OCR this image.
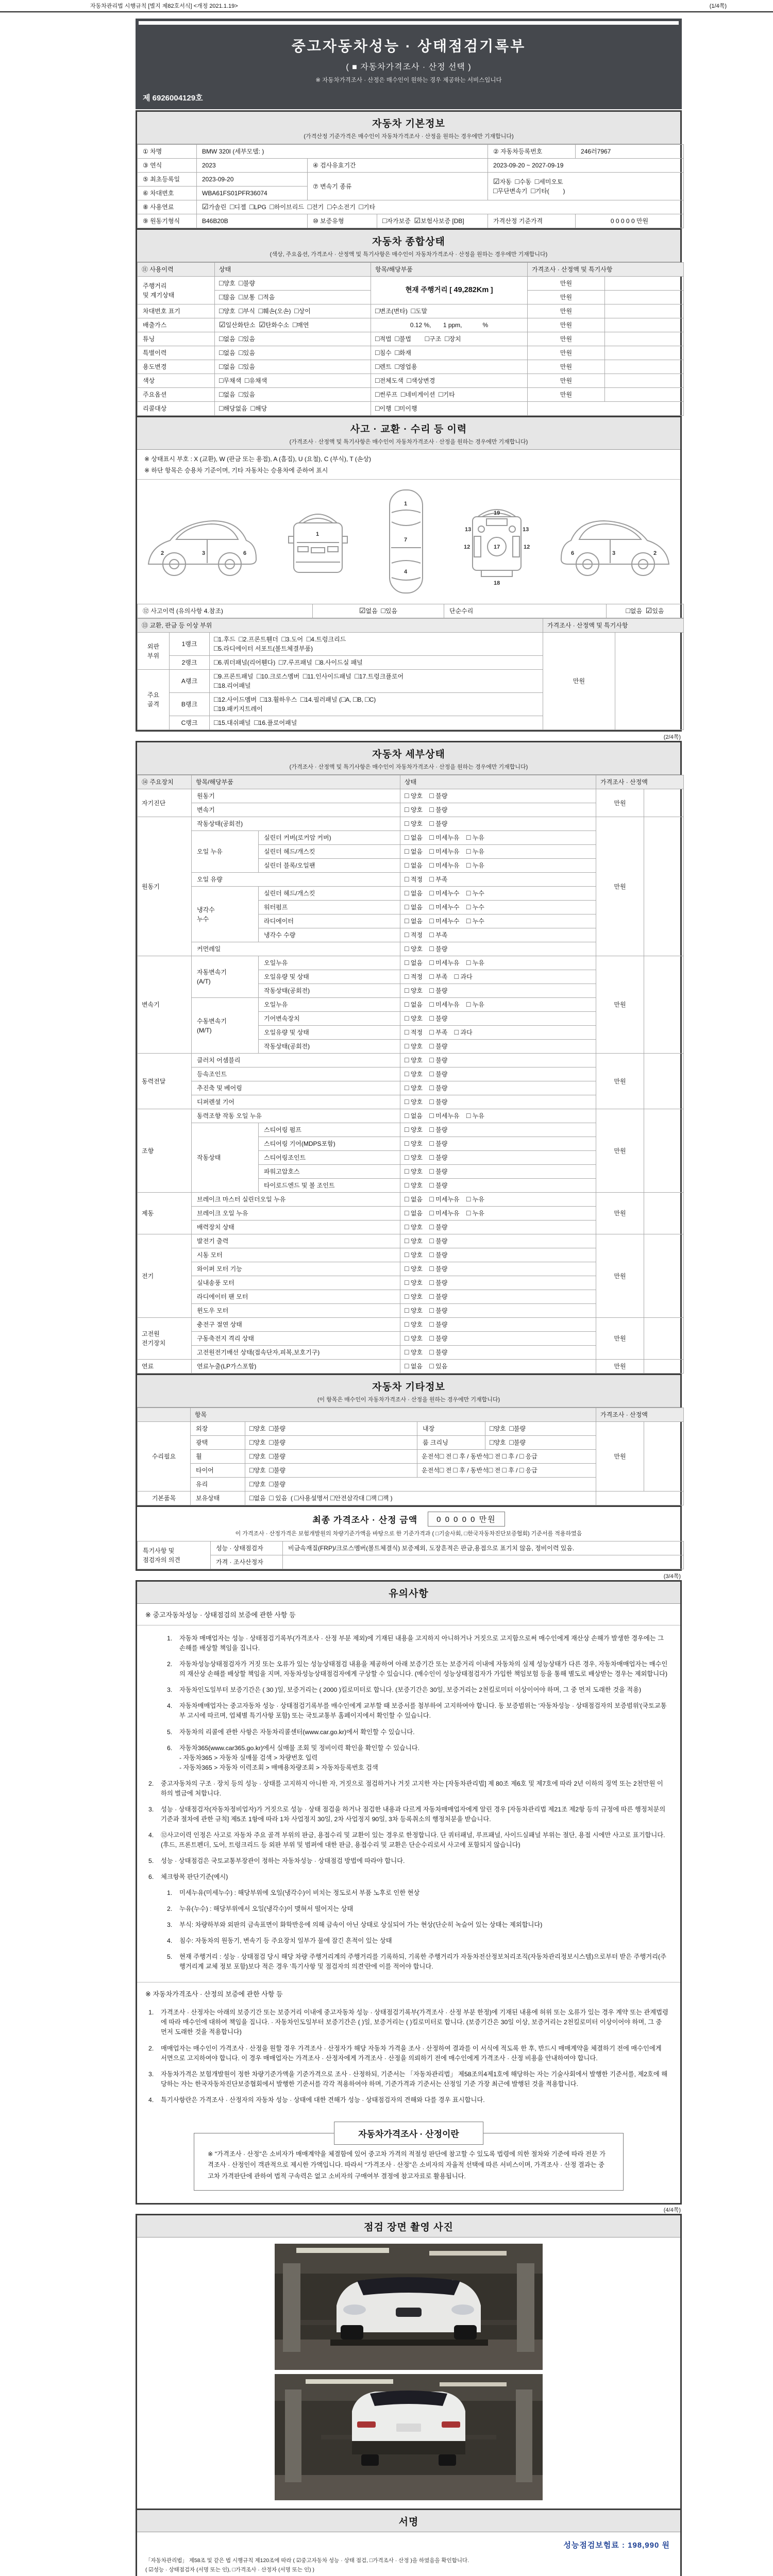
자동차관리법 시행규칙 [별지 제82호서식] <개정 2021.1.19>	(1/4쪽)
중고자동차성능 · 상태점검기록부
( ■ 자동차가격조사 · 산정 선택 )
※ 자동차가격조사 · 산정은 매수인이 원하는 경우 제공하는 서비스입니다
제 6926004129호
자동차 기본정보
(가격산정 기준가격은 매수인이 자동차가격조사 · 산정을 원하는 경우에만 기재합니다)
① 차명	BMW 320I (세부모델: )			② 자동차등록번호	246러7967
③ 연식	2023	④ 검사유효기간		2023-09-20 ~ 2027-09-19	
⑤ 최초등록일	2023-09-20	⑦ 변속기 종류		☑자동  □수동  □세미오토
□무단변속기  □기타(        )	
⑥ 차대번호	WBA61FS01PFR36074				
⑧ 사용연료	☑가솔린  □디젤  □LPG  □하이브리드  □전기  □수소전기  □기타				
⑨ 원동기형식	B46B20B	⑩ 보증유형	□자가보증  ☑보험사보증 [DB]	가격산정 기준가격	0 0 0 0 0 만원
자동차 종합상태
(색상, 주요옵션, 가격조사 · 산정액 및 특기사항은 매수인이 자동차가격조사 · 산정을 원하는 경우에만 기재합니다)
⑪ 사용이력	상태	항목/해당부품	가격조사 · 산정액 및 특기사항	
주행거리
및 계기상태	□양호  □불량	현재 주행거리 [ 49,282Km ]	만원	
	□많음  □보통  □적음		만원	
차대번호 표기	□양호  □부식  □훼손(오손)  □상이	□변조(변타)  □도말	만원	
배출가스	☑일산화탄소  ☑탄화수소  □매연	0.12 %,       1 ppm,            %	만원	
튜닝	□없음  □있음	□적법  □불법        □구조  □장치	만원	
특별이력	□없음  □있음	□침수  □화재	만원	
용도변경	□없음  □있음	□렌트  □영업용	만원	
색상	□무채색  □유채색	□전체도색  □색상변경	만원	
주요옵션	□없음  □있음	□썬루프  □네비게이션  □기타	만원	
리콜대상	□해당없음  □해당	□이행  □미이행		
사고 · 교환 · 수리 등 이력
(가격조사 · 산정액 및 특기사항은 매수인이 자동차가격조사 · 산정을 원하는 경우에만 기재합니다)
※ 상태표시 부호 : X (교환), W (판금 또는 용접), A (흠집), U (요철), C (부식), T (손상)
※ 하단 항목은 승용차 기준이며, 기타 자동차는 승용차에 준하여 표시
2	3	6
1
1
7
4
13	13
19
12	17	12
18
6	3	2
⑫ 사고이력 (유의사항 4.참조)	☑없음  □있음	단순수리	□없음  ☑있음
⑬ 교환, 판금 등 이상 부위			가격조사 · 산정액 및 특기사항	
외판
부위	1랭크	□1.후드  □2.프론트휀더  □3.도어  □4.트렁크리드
□5.라디에이터 서포트(볼트체결부품)	만원	
	2랭크	□6.쿼더패널(리어휀다)  □7.루프패널  □8.사이드실 패널		
주요
골격	A랭크	□9.프론트패널  □10.크로스멤버  □11.인사이드패널  □17.트렁크플로어
□18.리어패널		
	B랭크	□12.사이드멤버  □13.휠하우스  □14.필러패널 (□A, □B, □C)
□19.패키지트레이		
	C랭크	□15.대쉬패널  □16.플로어패널		
(2/4쪽)
자동차 세부상태
(가격조사 · 산정액 및 특기사항은 매수인이 자동차가격조사 · 산정을 원하는 경우에만 기재합니다)
⑭ 주요장치	항목/해당부품		상태	가격조사 · 산정액	
자기진단	원동기		□ 양호    □ 불량	만원	
	변속기		□ 양호    □ 불량		
원동기	작동상태(공회전)		□ 양호    □ 불량	만원	
	오일 누유	실린더 커버(로커암 커버)	□ 없음    □ 미세누유    □ 누유		
		실린더 헤드/개스킷	□ 없음    □ 미세누유    □ 누유		
		실린더 블록/오일팬	□ 없음    □ 미세누유    □ 누유		
	오일 유량		□ 적정    □ 부족		
	냉각수
누수	실린더 헤드/개스킷	□ 없음    □ 미세누수    □ 누수		
		워터펌프	□ 없음    □ 미세누수    □ 누수		
		라디에이터	□ 없음    □ 미세누수    □ 누수		
		냉각수 수량	□ 적정    □ 부족		
	커먼레일		□ 양호    □ 불량		
변속기	자동변속기
(A/T)	오일누유	□ 없음    □ 미세누유    □ 누유	만원	
		오일유량 및 상태	□ 적정    □ 부족    □ 과다		
		작동상태(공회전)	□ 양호    □ 불량		
	수동변속기
(M/T)	오일누유	□ 없음    □ 미세누유    □ 누유		
		기어변속장치	□ 양호    □ 불량		
		오일유량 및 상태	□ 적정    □ 부족    □ 과다		
		작동상태(공회전)	□ 양호    □ 불량		
동력전달	클러치 어셈블리		□ 양호    □ 불량	만원	
	등속조인트		□ 양호    □ 불량		
	추진축 및 베어링		□ 양호    □ 불량		
	디퍼렌셜 기어		□ 양호    □ 불량		
조향	동력조향 작동 오일 누유		□ 없음    □ 미세누유    □ 누유	만원	
	작동상태	스티어링 펌프	□ 양호    □ 불량		
		스티어링 기어(MDPS포함)	□ 양호    □ 불량		
		스티어링조인트	□ 양호    □ 불량		
		파워고압호스	□ 양호    □ 불량		
		타이로드엔드 및 볼 조인트	□ 양호    □ 불량		
제동	브레이크 마스터 실린더오일 누유		□ 없음    □ 미세누유    □ 누유	만원	
	브레이크 오일 누유		□ 없음    □ 미세누유    □ 누유		
	배력장치 상태		□ 양호    □ 불량		
전기	발전기 출력		□ 양호    □ 불량	만원	
	시동 모터		□ 양호    □ 불량		
	와이퍼 모터 기능		□ 양호    □ 불량		
	실내송풍 모터		□ 양호    □ 불량		
	라디에이터 팬 모터		□ 양호    □ 불량		
	윈도우 모터		□ 양호    □ 불량		
고전원
전기장치	충전구 절연 상태		□ 양호    □ 불량	만원	
	구동축전지 격리 상태		□ 양호    □ 불량		
	고전원전기배선 상태(접속단자,피복,보호기구)		□ 양호    □ 불량		
연료	연료누출(LP가스포함)		□ 없음    □ 있음	만원	
자동차 기타정보
(이 항목은 매수인이 자동차가격조사 · 산정을 원하는 경우에만 기재합니다)
	항목				가격조사 · 산정액	
수리필요	외장	□양호  □불량	내장	□양호  □불량	만원	
	광택	□양호  □불량	룸 크리닝	□양호  □불량		
	휠	□양호  □불량	운전석□ 전 □ 후 / 동반석□ 전 □ 후 / □ 응급			
	타이어	□양호  □불량	운전석□ 전 □ 후 / 동반석□ 전 □ 후 / □ 응급			
	유리	□양호  □불량				
기본품목	보유상태	□없음  □ 있음  ( □사용설명서 □안전삼각대 □잭 □잭 )				
최종 가격조사 · 산정 금액	0 0 0 0 0 만원
이 가격조사 · 산정가격은 보험개발원의 차량기준가액을 바탕으로 한 기준가격과 ( □기술사회, □한국자동차진단보증협회) 기준서를 적용하였음
특기사항 및
점검자의 의견	성능 · 상태점검자	비금속재질(FRP)/크로스멤버(볼트체결식) 보증제외, 도장흔적은 판금,용접으로 표기치 않음, 정비이력 있음.
	가격 · 조사산정자	
(3/4쪽)
유의사항
※ 중고자동차성능 · 상태점검의 보증에 관한 사항 등
1.	자동차 매매업자는 성능 · 상태점검기록부(가격조사 · 산정 부분 제외)에 기재된 내용을 고지하지 아니하거나 거짓으로 고지함으로써 매수인에게 재산상 손해가 발생한 경우에는 그 손해를 배상할 책임을 집니다.
2.	자동차성능상태점검자가 거짓 또는 오류가 있는 성능상태점검 내용을 제공하여 아래 보증기간 또는 보증거리 이내에 자동차의 실제 성능상태가 다른 경우, 자동차매매업자는 매수인의 재산상 손해를 배상할 책임을 지며, 자동차성능상태점검자에게 구상할 수 있습니다. (매수인이 성능상태점검자가 가입한 책임보험 등을 통해 별도로 배상받는 경우는 제외합니다)
3.	자동차인도일부터 보증기간은 ( 30 )일, 보증거리는 ( 2000 )킬로미터로 합니다. (보증기간은 30일, 보증거리는 2천킬로미터 이상이어야 하며, 그 중 먼저 도래한 것을 적용)
4.	자동차매매업자는 중고자동차 성능 · 상태점검기록부를 매수인에게 교부할 때 보증서를 첨부하여 고지하여야 합니다. 동 보증범위는 '자동차성능 · 상태점검자의 보증범위'(국토교통부 고시에 따르며, 업체별 특기사항 포함) 또는 국토교통부 홈페이지에서 확인할 수 있습니다.
5.	자동차의 리콜에 관한 사항은 자동차리콜센터(www.car.go.kr)에서 확인할 수 있습니다.
6.	자동차365(www.car365.go.kr)에서 실매물 조회 및 정비이력 확인을 확인할 수 있습니다.
- 자동차365 > 자동차 실매물 검색 > 차량번호 입력
- 자동차365 > 자동차 이력조회 > 매매용차량조회 > 자동차등록번호 검색
2.	중고자동차의 구조 · 장치 등의 성능 · 상태를 고지하지 아니한 자, 거짓으로 점검하거나 거짓 고지한 자는 [자동차관리법] 제 80조 제6호 및 제7호에 따라 2년 이하의 징역 또는 2천만원 이하의 벌금에 처합니다.
3.	성능 · 상태점검자(자동차정비업자)가 거짓으로 성능 · 상태 점검을 하거나 점검한 내용과 다르게 자동차매매업자에게 알린 경우 [자동차관리법 제21조 제2항 등의 규정에 따른 행정처분의 기준과 절차에 관한 규칙] 제5조 1항에 따라 1차 사업정지 30일, 2차 사업정지 90일, 3차 등록취소의 행정처분을 받습니다.
4.	⑫사고이력 인정은 사고로 자동차 주요 골격 부위의 판금, 용접수리 및 교환이 있는 경우로 한정합니다. 단 쿼터패널, 루프패널, 사이드실패널 부위는 절단, 용접 시에만 사고로 표기합니다. (후드, 프론트펜더, 도어, 트렁크리드 등 외판 부위 및 범퍼에 대한 판금, 용접수리 및 교환은 단순수리로서 사고에 포함되지 않습니다)
5.	성능 · 상태점검은 국토교통부장관이 정하는 자동차성능 · 상태점검 방법에 따라야 합니다.
6.	체크항목 판단기준(예시)
1.	미세누유(미세누수) : 해당부위에 오일(냉각수)이 비치는 정도로서 부품 노후로 인한 현상
2.	누유(누수) : 해당부위에서 오일(냉각수)이 맺혀서 떨어지는 상태
3.	부식: 차량하부와 외판의 금속표면이 화학반응에 의해 금속이 아닌 상태로 상실되어 가는 현상(단순히 녹슬어 있는 상태는 제외합니다)
4.	침수: 자동차의 원동기, 변속기 등 주요장치 일부가 물에 잠긴 흔적이 있는 상태
5.	현재 주행거리 : 성능 · 상태점검 당시 해당 차량 주행거리계의 주행거리를 기록하되, 기록한 주행거리가 자동차전산정보처리조직(자동차관리정보시스템)으로부터 받은 주행거리(주행거리계 교체 정보 포함)보다 적은 경우 '특기사항 및 점검자의 의견'란에 이를 적어야 합니다.
※ 자동차가격조사 · 산정의 보증에 관한 사항 등
1.	가격조사 · 산정자는 아래의 보증기간 또는 보증거리 이내에 중고자동차 성능 · 상태점검기록부(가격조사 · 산정 부분 한정)에 기재된 내용에 허위 또는 오류가 있는 경우 계약 또는 관계법령에 따라 매수인에 대하여 책임을 집니다. · 자동차인도일부터 보증기간은 ( )일, 보증거리는 ( )킬로미터로 합니다. (보증기간은 30일 이상, 보증거리는 2천킬로미터 이상이어야 하며, 그 중 먼저 도래한 것을 적용합니다)
2.	매매업자는 매수인이 가격조사 · 산정을 원할 경우 가격조사 · 산정자가 해당 자동차 가격을 조사 · 산정하여 결과를 이 서식에 적도록 한 후, 반드시 매매계약을 체결하기 전에 매수인에게 서면으로 고지하여야 합니다. 이 경우 매매업자는 가격조사 · 산정자에게 가격조사 · 산정을 의뢰하기 전에 매수인에게 가격조사 · 산정 비용을 안내하여야 합니다.
3.	자동차가격은 보험개발원이 정한 차량기준가액을 기준가격으로 조사 · 산정하되, 기준서는 「자동차관리법」 제58조의4제1호에 해당하는 자는 기술사회에서 발행한 기준서를, 제2호에 해당하는 자는 한국자동차진단보증협회에서 발행한 기준서를 각각 적용하여야 하며, 기준가격과 기준서는 산정일 기준 가장 최근에 발행된 것을 적용합니다.
4.	특기사항란은 가격조사 · 산정자의 자동차 성능 · 상태에 대한 견해가 성능 · 상태점검자의 견해와 다를 경우 표시합니다.
자동차가격조사 · 산정이란
※ "가격조사 · 산정"은 소비자가 매매계약을 체결함에 있어 중고차 가격의 적절성 판단에 참고할 수 있도록 법령에 의한 절차와 기준에 따라 전문 가격조사 · 산정인이 객관적으로 제시한 가액입니다. 따라서 "가격조사 · 산정"은 소비자의 자율적 선택에 따른 서비스이며, 가격조사 · 산정 결과는 중고차 가격판단에 관하여 법적 구속력은 없고 소비자의 구매여부 결정에 참고자료로 활용됩니다.
(4/4쪽)
점검 장면 촬영 사진
서명
성능점검보험료 : 198,990 원
「자동차관리법」 제58조 및 같은 법 시행규칙 제120조에 따라 ( ☑중고자동차 성능 · 상태 점검, □가격조사 · 산정 )을 하였음을 확인합니다.
( ☑성능 · 상태점검자 (서명 또는 인), □가격조사 · 산정자 (서명 또는 인) )
